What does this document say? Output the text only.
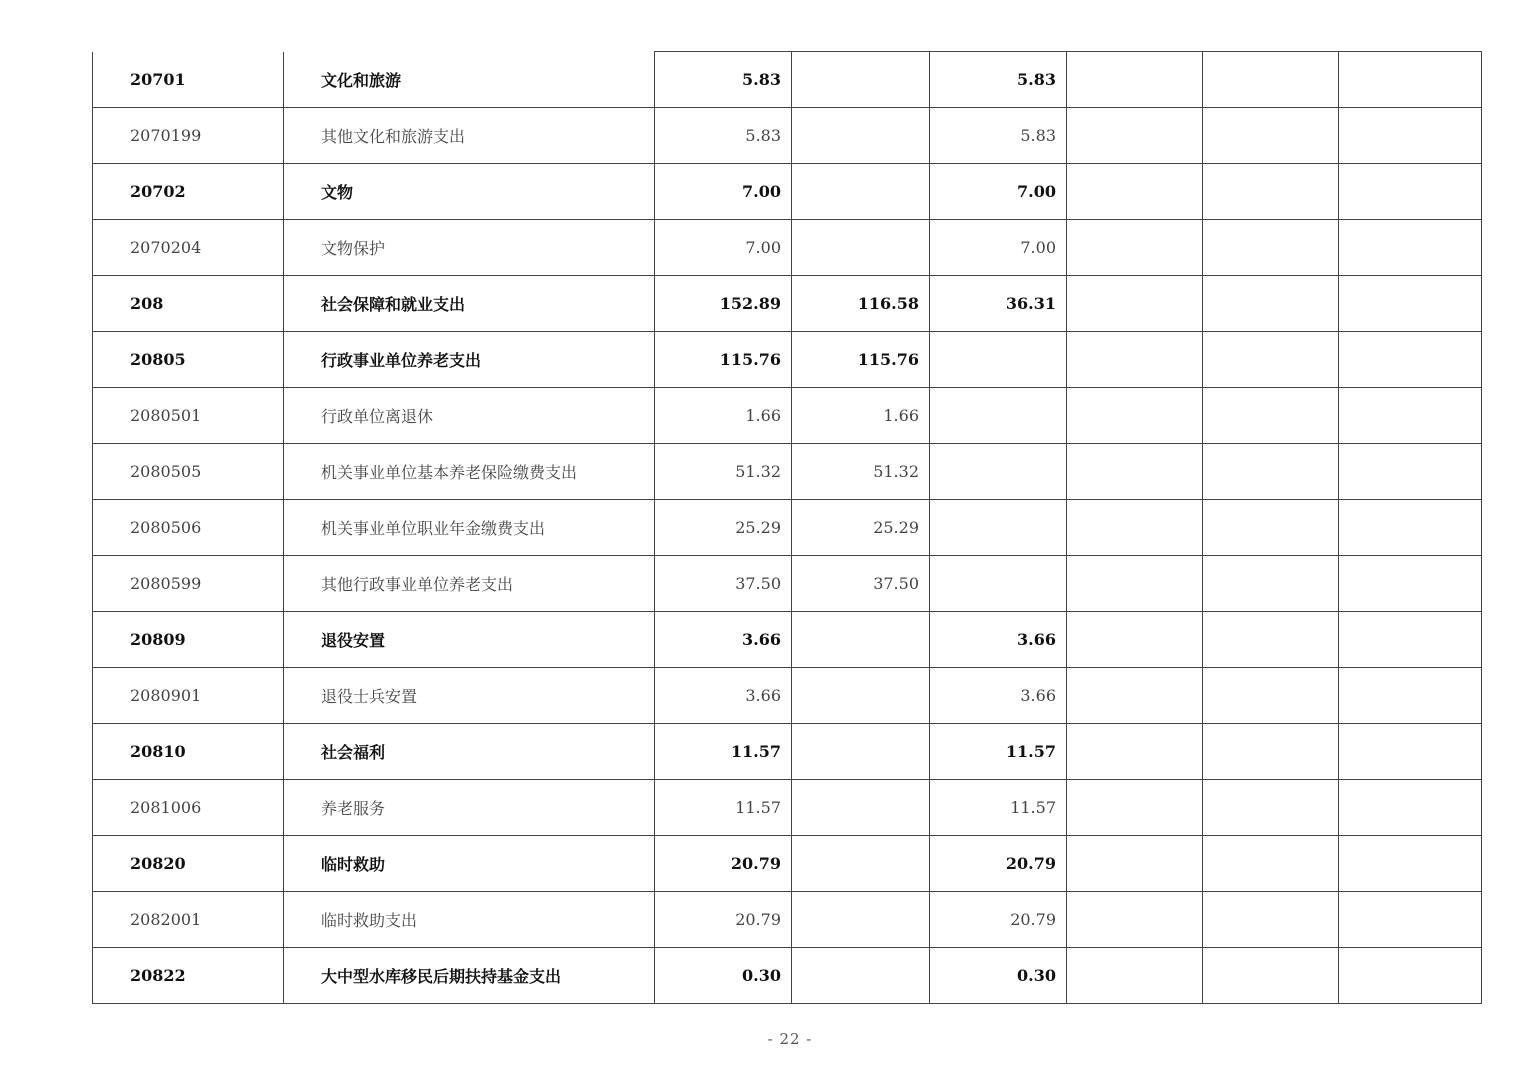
20701	文化和旅游	5.83		5.83			
2070199	其他文化和旅游支出	5.83		5.83			
20702	文物	7.00		7.00			
2070204	文物保护	7.00		7.00			
208	社会保障和就业支出	152.89	116.58	36.31			
20805	行政事业单位养老支出	115.76	115.76				
2080501	行政单位离退休	1.66	1.66				
2080505	机关事业单位基本养老保险缴费支出	51.32	51.32				
2080506	机关事业单位职业年金缴费支出	25.29	25.29				
2080599	其他行政事业单位养老支出	37.50	37.50				
20809	退役安置	3.66		3.66			
2080901	退役士兵安置	3.66		3.66			
20810	社会福利	11.57		11.57			
2081006	养老服务	11.57		11.57			
20820	临时救助	20.79		20.79			
2082001	临时救助支出	20.79		20.79			
20822	大中型水库移民后期扶持基金支出	0.30		0.30			
- 22 -
